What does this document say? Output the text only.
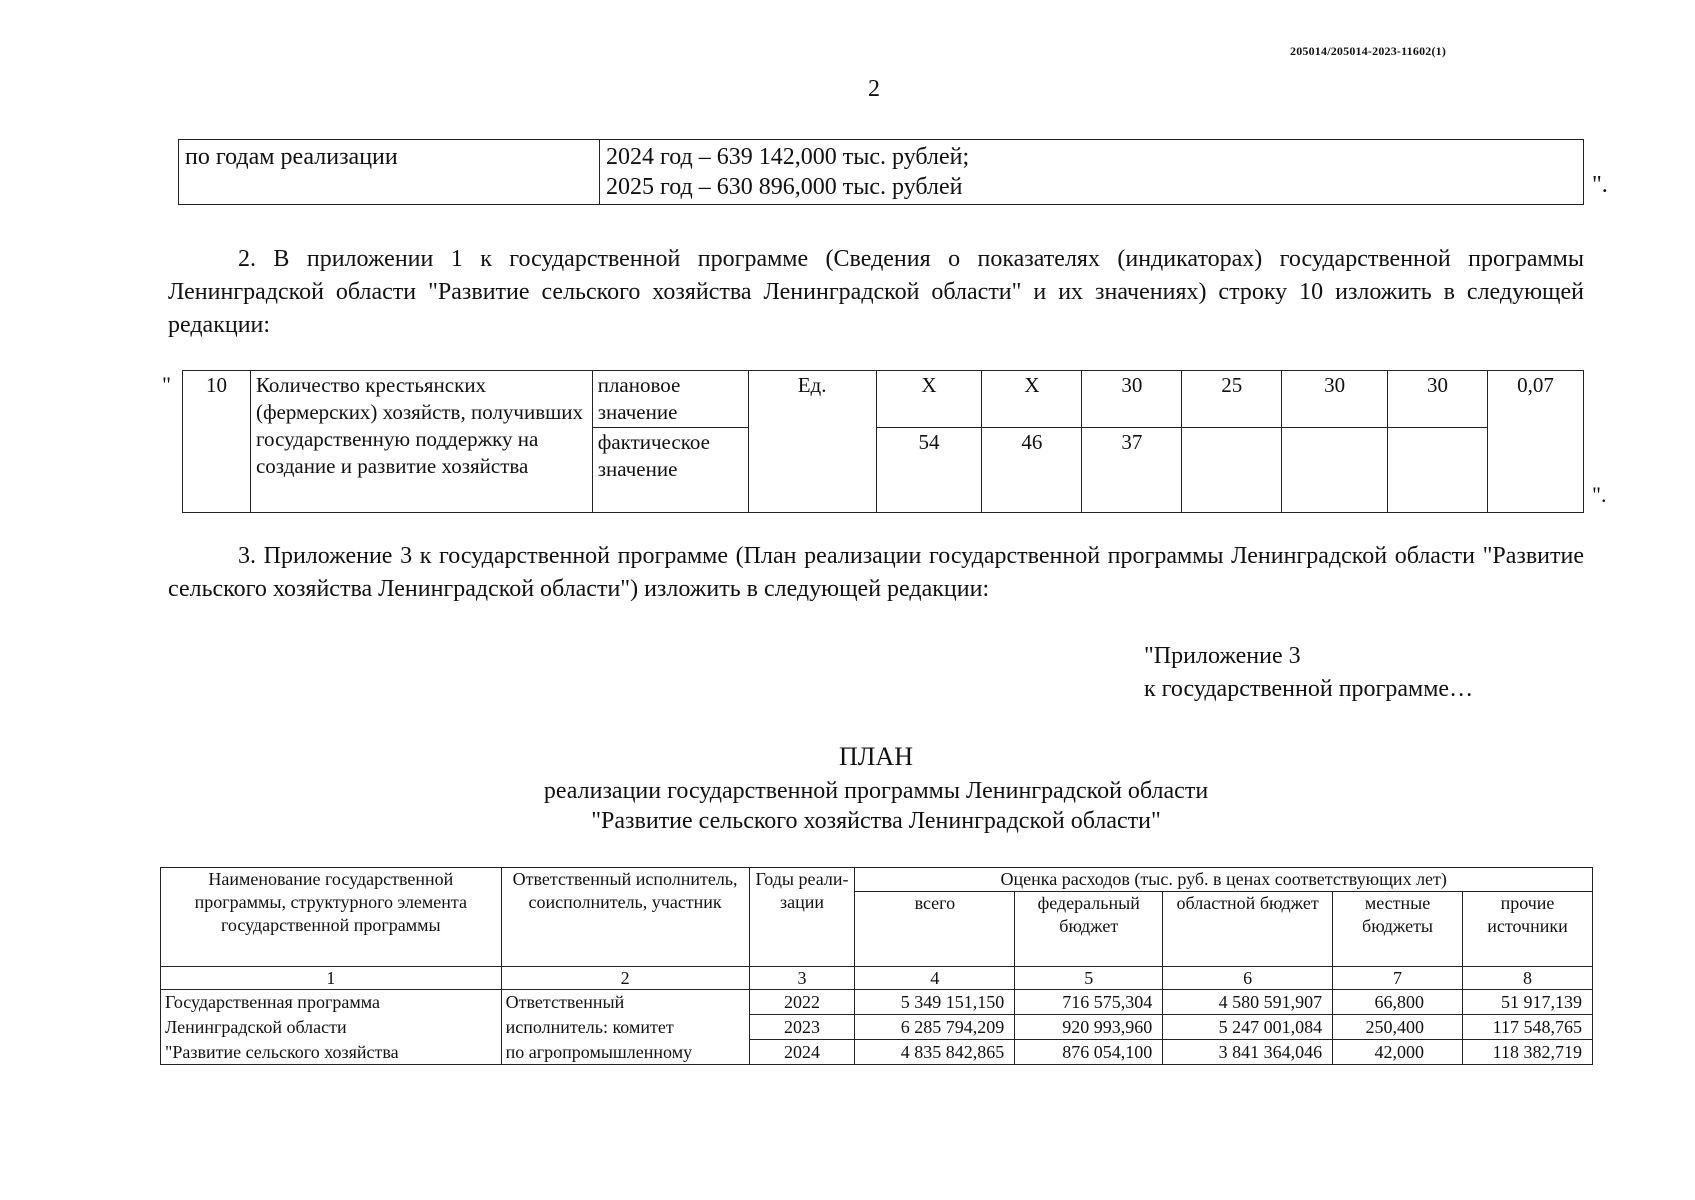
205014/205014-2023-11602(1)
2
по годам реализации	2024 год – 639 142,000 тыс. рублей;
2025 год – 630 896,000 тыс. рублей	".
2. В приложении 1 к государственной программе (Сведения о показателях (индикаторах) государственной программы Ленинградской области "Развитие сельского хозяйства Ленинградской области" и их значениях) строку 10 изложить в следующей редакции:
" 10	Количество крестьянских (фермерских) хозяйств, получивших государственную поддержку на создание и развитие хозяйства	плановое значение	Ед.	Х	Х	30	25	30	30	0,07
		фактическое значение		54	46	37				
".
3. Приложение 3 к государственной программе (План реализации государственной программы Ленинградской области "Развитие сельского хозяйства Ленинградской области") изложить в следующей редакции:
"Приложение 3
к государственной программе…
ПЛАН
реализации государственной программы Ленинградской области
"Развитие сельского хозяйства Ленинградской области"
Наименование государственной программы, структурного элемента государственной программы	Ответственный исполнитель, соисполнитель, участник	Годы реали-зации	Оценка расходов (тыс. руб. в ценах соответствующих лет)				
			всего	федеральный бюджет	областной бюджет	местные бюджеты	прочие источники
1	2	3	4	5	6	7	8
Государственная программа	Ответственный	2022	5 349 151,150	716 575,304	4 580 591,907	66,800	51 917,139
Ленинградской области	исполнитель: комитет	2023	6 285 794,209	920 993,960	5 247 001,084	250,400	117 548,765
"Развитие сельского хозяйства	по агропромышленному	2024	4 835 842,865	876 054,100	3 841 364,046	42,000	118 382,719
